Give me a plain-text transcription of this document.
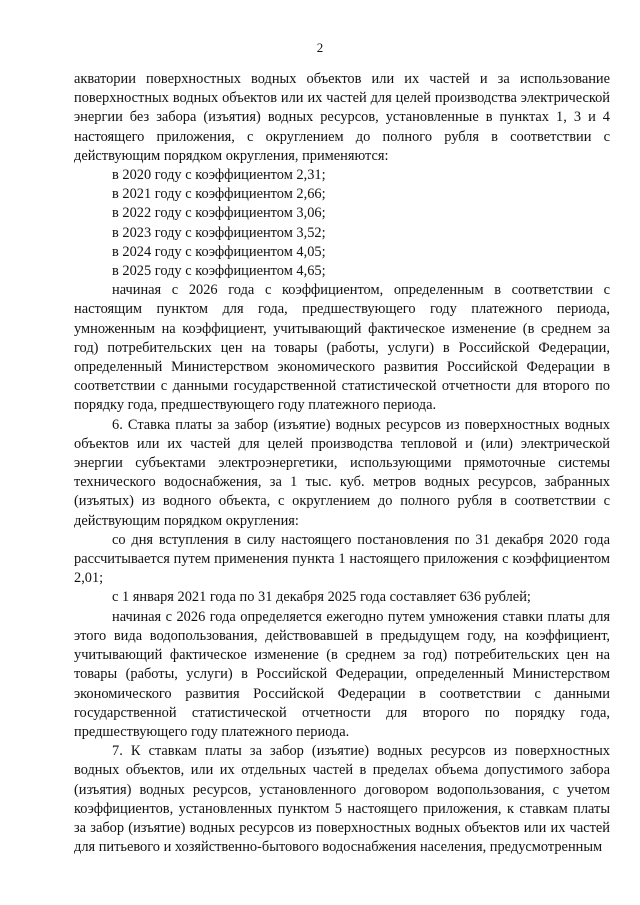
2

акватории поверхностных водных объектов или их частей и за использование поверхностных водных объектов или их частей для целей производства электрической энергии без забора (изъятия) водных ресурсов, установленные в пунктах 1, 3 и 4 настоящего приложения, с округлением до полного рубля в соответствии с действующим порядком округления, применяются:

в 2020 году с коэффициентом 2,31;

в 2021 году с коэффициентом 2,66;

в 2022 году с коэффициентом 3,06;

в 2023 году с коэффициентом 3,52;

в 2024 году с коэффициентом 4,05;

в 2025 году с коэффициентом 4,65;

начиная с 2026 года с коэффициентом, определенным в соответствии с настоящим пунктом для года, предшествующего году платежного периода, умноженным на коэффициент, учитывающий фактическое изменение (в среднем за год) потребительских цен на товары (работы, услуги) в Российской Федерации, определенный Министерством экономического развития Российской Федерации в соответствии с данными государственной статистической отчетности для второго по порядку года, предшествующего году платежного периода.

6. Ставка платы за забор (изъятие) водных ресурсов из поверхностных водных объектов или их частей для целей производства тепловой и (или) электрической энергии субъектами электроэнергетики, использующими прямоточные системы технического водоснабжения, за 1 тыс. куб. метров водных ресурсов, забранных (изъятых) из водного объекта, с округлением до полного рубля в соответствии с действующим порядком округления:

со дня вступления в силу настоящего постановления по 31 декабря 2020 года рассчитывается путем применения пункта 1 настоящего приложения с коэффициентом 2,01;

с 1 января 2021 года по 31 декабря 2025 года составляет 636 рублей;

начиная с 2026 года определяется ежегодно путем умножения ставки платы для этого вида водопользования, действовавшей в предыдущем году, на коэффициент, учитывающий фактическое изменение (в среднем за год) потребительских цен на товары (работы, услуги) в Российской Федерации, определенный Министерством экономического развития Российской Федерации в соответствии с данными государственной статистической отчетности для второго по порядку года, предшествующего году платежного периода.

7. К ставкам платы за забор (изъятие) водных ресурсов из поверхностных водных объектов, или их отдельных частей в пределах объема допустимого забора (изъятия) водных ресурсов, установленного договором водопользования, с учетом коэффициентов, установленных пунктом 5 настоящего приложения, к ставкам платы за забор (изъятие) водных ресурсов из поверхностных водных объектов или их частей для питьевого и хозяйственно-бытового водоснабжения населения, предусмотренным
